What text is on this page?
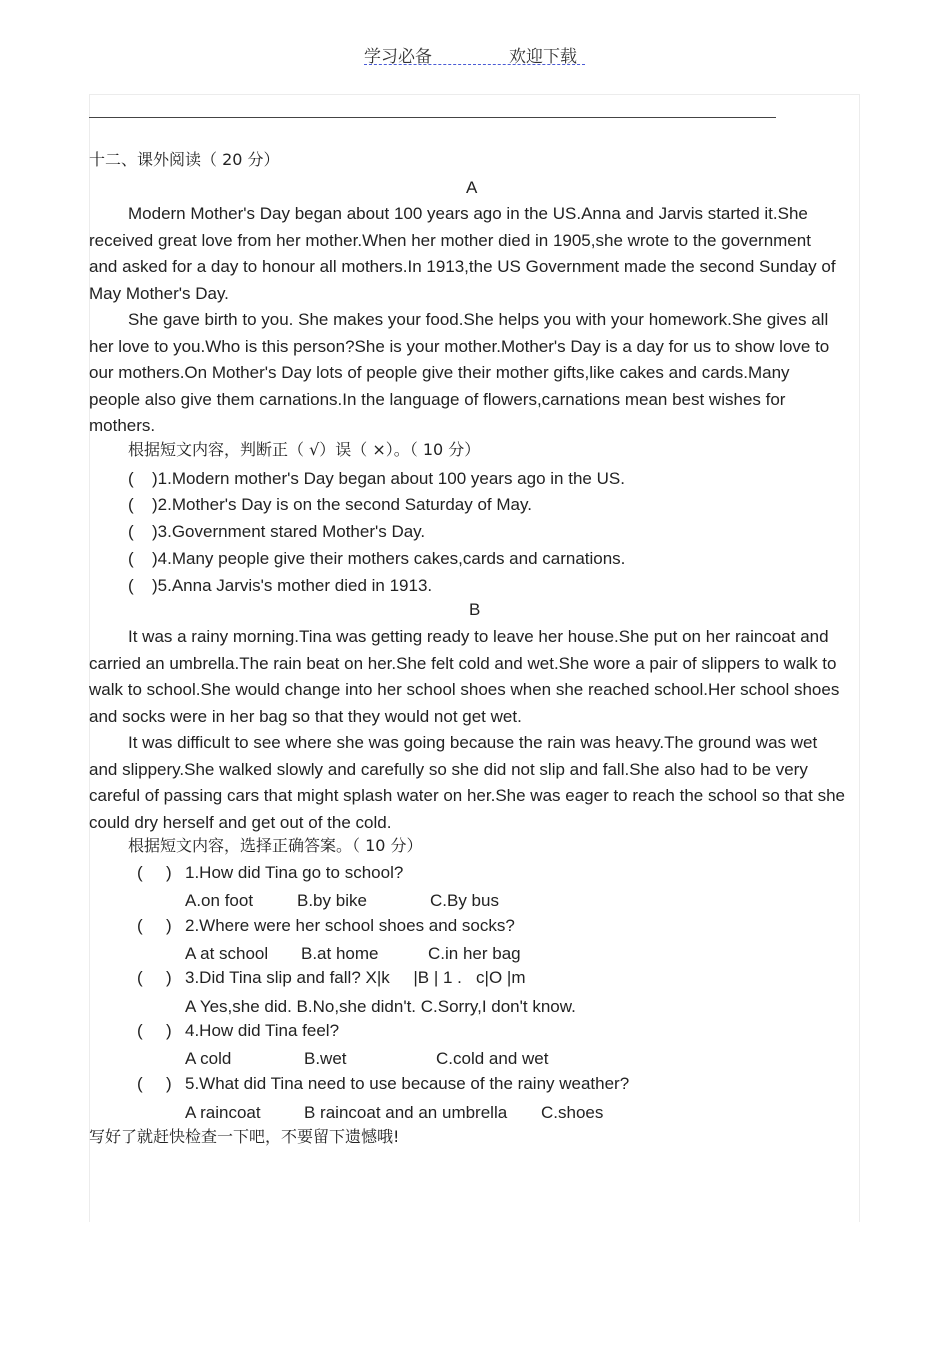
学习必备	欢迎下载
十二、课外阅读（ 20 分）
A
Modern Mother's Day began about 100 years ago in the US.Anna and Jarvis started it.She
received great love from her mother.When her mother died in 1905,she wrote to the government
and asked for a day to honour all mothers.In 1913,the US Government made the second Sunday of
May Mother's Day.
She gave birth to you. She makes your food.She helps you with your homework.She gives all
her love to you.Who is this person?She is your mother.Mother's Day is a day for us to show love to
our mothers.On Mother's Day lots of people give their mother gifts,like cakes and cards.Many
people also give them carnations.In the language of flowers,carnations mean best wishes for
mothers.
根据短文内容，判断正（ √）误（ ×）。（ 10 分）
( )1.Modern mother's Day began about 100 years ago in the US.
( )2.Mother's Day is on the second Saturday of May.
( )3.Government stared Mother's Day.
( )4.Many people give their mothers cakes,cards and carnations.
( )5.Anna Jarvis's mother died in 1913.
B
It was a rainy morning.Tina was getting ready to leave her house.She put on her raincoat and
carried an umbrella.The rain beat on her.She felt cold and wet.She wore a pair of slippers to walk to
walk to school.She would change into her school shoes when she reached school.Her school shoes
and socks were in her bag so that they would not get wet.
It was difficult to see where she was going because the rain was heavy.The ground was wet
and slippery.She walked slowly and carefully so she did not slip and fall.She also had to be very
careful of passing cars that might splash water on her.She was eager to reach the school so that she
could dry herself and get out of the cold.
根据短文内容，选择正确答案。（ 10 分）
( ) 1.How did Tina go to school?
A.on foot	B.by bike	C.By bus
( ) 2.Where were her school shoes and socks?
A at school B.at home	C.in her bag
( ) 3.Did Tina slip and fall? X|k     |B | 1 .   c|O |m
A Yes,she did. B.No,she didn't. C.Sorry,I don't know.
( ) 4.How did Tina feel?
A cold	B.wet	C.cold and wet
( ) 5.What did Tina need to use because of the rainy weather?
A raincoat	B raincoat and an umbrella C.shoes
写好了就赶快检查一下吧，不要留下遗憾哦!
